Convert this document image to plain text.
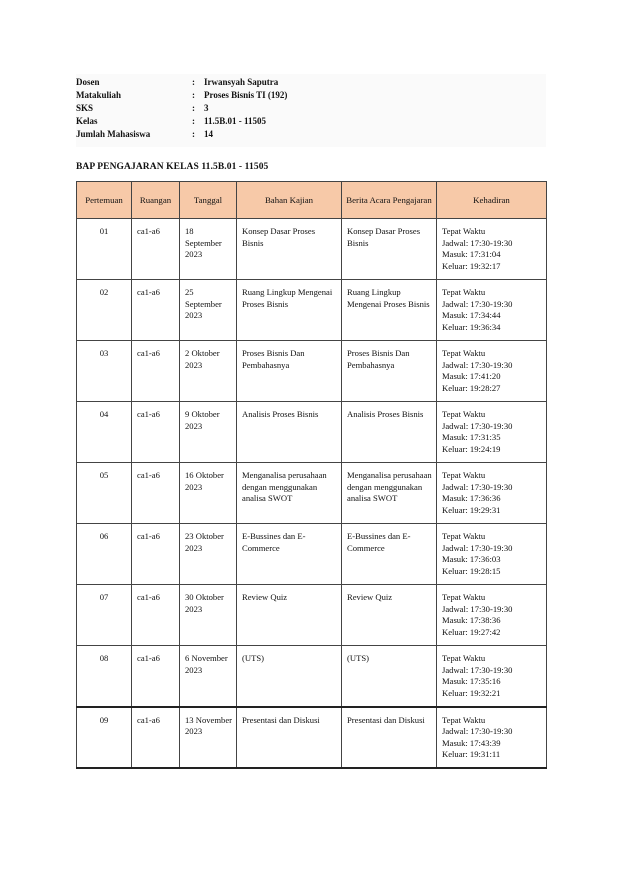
Dosen	:	Irwansyah Saputra
Matakuliah	:	Proses Bisnis TI (192)
SKS	:	3
Kelas	:	11.5B.01 - 11505
Jumlah Mahasiswa	:	14
BAP PENGAJARAN KELAS 11.5B.01 - 11505
Pertemuan	Ruangan	Tanggal	Bahan Kajian	Berita Acara Pengajaran	Kehadiran
01	ca1-a6	18 September 2023	Konsep Dasar Proses Bisnis	Konsep Dasar Proses Bisnis	Tepat Waktu
Jadwal: 17:30-19:30
Masuk: 17:31:04
Keluar: 19:32:17

02	ca1-a6	25 September 2023	Ruang Lingkup Mengenai Proses Bisnis	Ruang Lingkup Mengenai Proses Bisnis	Tepat Waktu
Jadwal: 17:30-19:30
Masuk: 17:34:44
Keluar: 19:36:34

03	ca1-a6	2 Oktober 2023	Proses Bisnis Dan Pembahasnya	Proses Bisnis Dan Pembahasnya	Tepat Waktu
Jadwal: 17:30-19:30
Masuk: 17:41:20
Keluar: 19:28:27

04	ca1-a6	9 Oktober 2023	Analisis Proses Bisnis	Analisis Proses Bisnis	Tepat Waktu
Jadwal: 17:30-19:30
Masuk: 17:31:35
Keluar: 19:24:19

05	ca1-a6	16 Oktober 2023	Menganalisa perusahaan dengan menggunakan analisa SWOT	Menganalisa perusahaan dengan menggunakan analisa SWOT	Tepat Waktu
Jadwal: 17:30-19:30
Masuk: 17:36:36
Keluar: 19:29:31

06	ca1-a6	23 Oktober 2023	E-Bussines dan E-Commerce	E-Bussines dan E-Commerce	Tepat Waktu
Jadwal: 17:30-19:30
Masuk: 17:36:03
Keluar: 19:28:15

07	ca1-a6	30 Oktober 2023	Review Quiz	Review Quiz	Tepat Waktu
Jadwal: 17:30-19:30
Masuk: 17:38:36
Keluar: 19:27:42

08	ca1-a6	6 November 2023	(UTS)	(UTS)	Tepat Waktu
Jadwal: 17:30-19:30
Masuk: 17:35:16
Keluar: 19:32:21

09	ca1-a6	13 November 2023	Presentasi dan Diskusi	Presentasi dan Diskusi	Tepat Waktu
Jadwal: 17:30-19:30
Masuk: 17:43:39
Keluar: 19:31:11
